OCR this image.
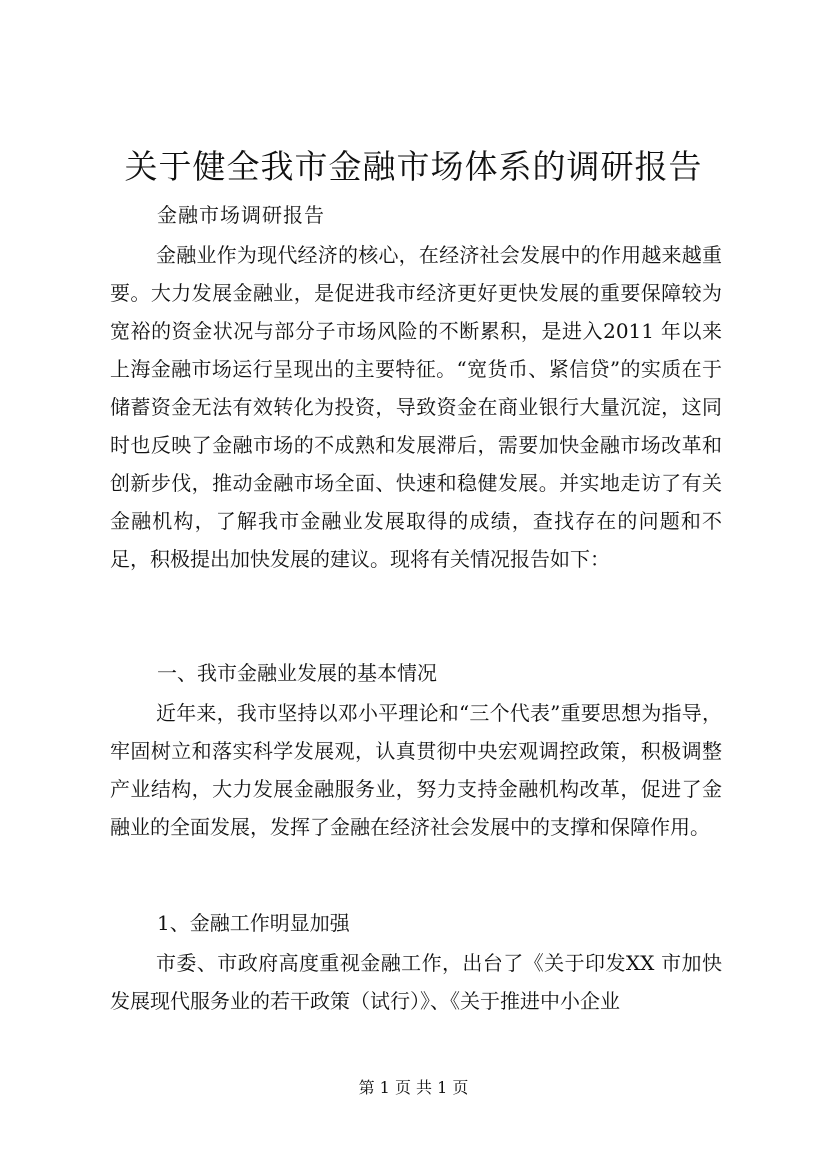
关于健全我市金融市场体系的调研报告

金融市场调研报告

金融业作为现代经济的核心，在经济社会发展中的作用越来越重要。大力发展金融业，是促进我市经济更好更快发展的重要保障较为宽裕的资金状况与部分子市场风险的不断累积，是进入2011 年以来上海金融市场运行呈现出的主要特征。“宽货币、紧信贷”的实质在于储蓄资金无法有效转化为投资，导致资金在商业银行大量沉淀，这同时也反映了金融市场的不成熟和发展滞后，需要加快金融市场改革和创新步伐，推动金融市场全面、快速和稳健发展。并实地走访了有关金融机构，了解我市金融业发展取得的成绩，查找存在的问题和不足，积极提出加快发展的建议。现将有关情况报告如下：

一、我市金融业发展的基本情况

近年来，我市坚持以邓小平理论和“三个代表”重要思想为指导，牢固树立和落实科学发展观，认真贯彻中央宏观调控政策，积极调整产业结构，大力发展金融服务业，努力支持金融机构改革，促进了金融业的全面发展，发挥了金融在经济社会发展中的支撑和保障作用。

1、金融工作明显加强

市委、市政府高度重视金融工作，出台了《关于印发XX 市加快发展现代服务业的若干政策（试行）》、《关于推进中小企业

第 1 页 共 1 页
